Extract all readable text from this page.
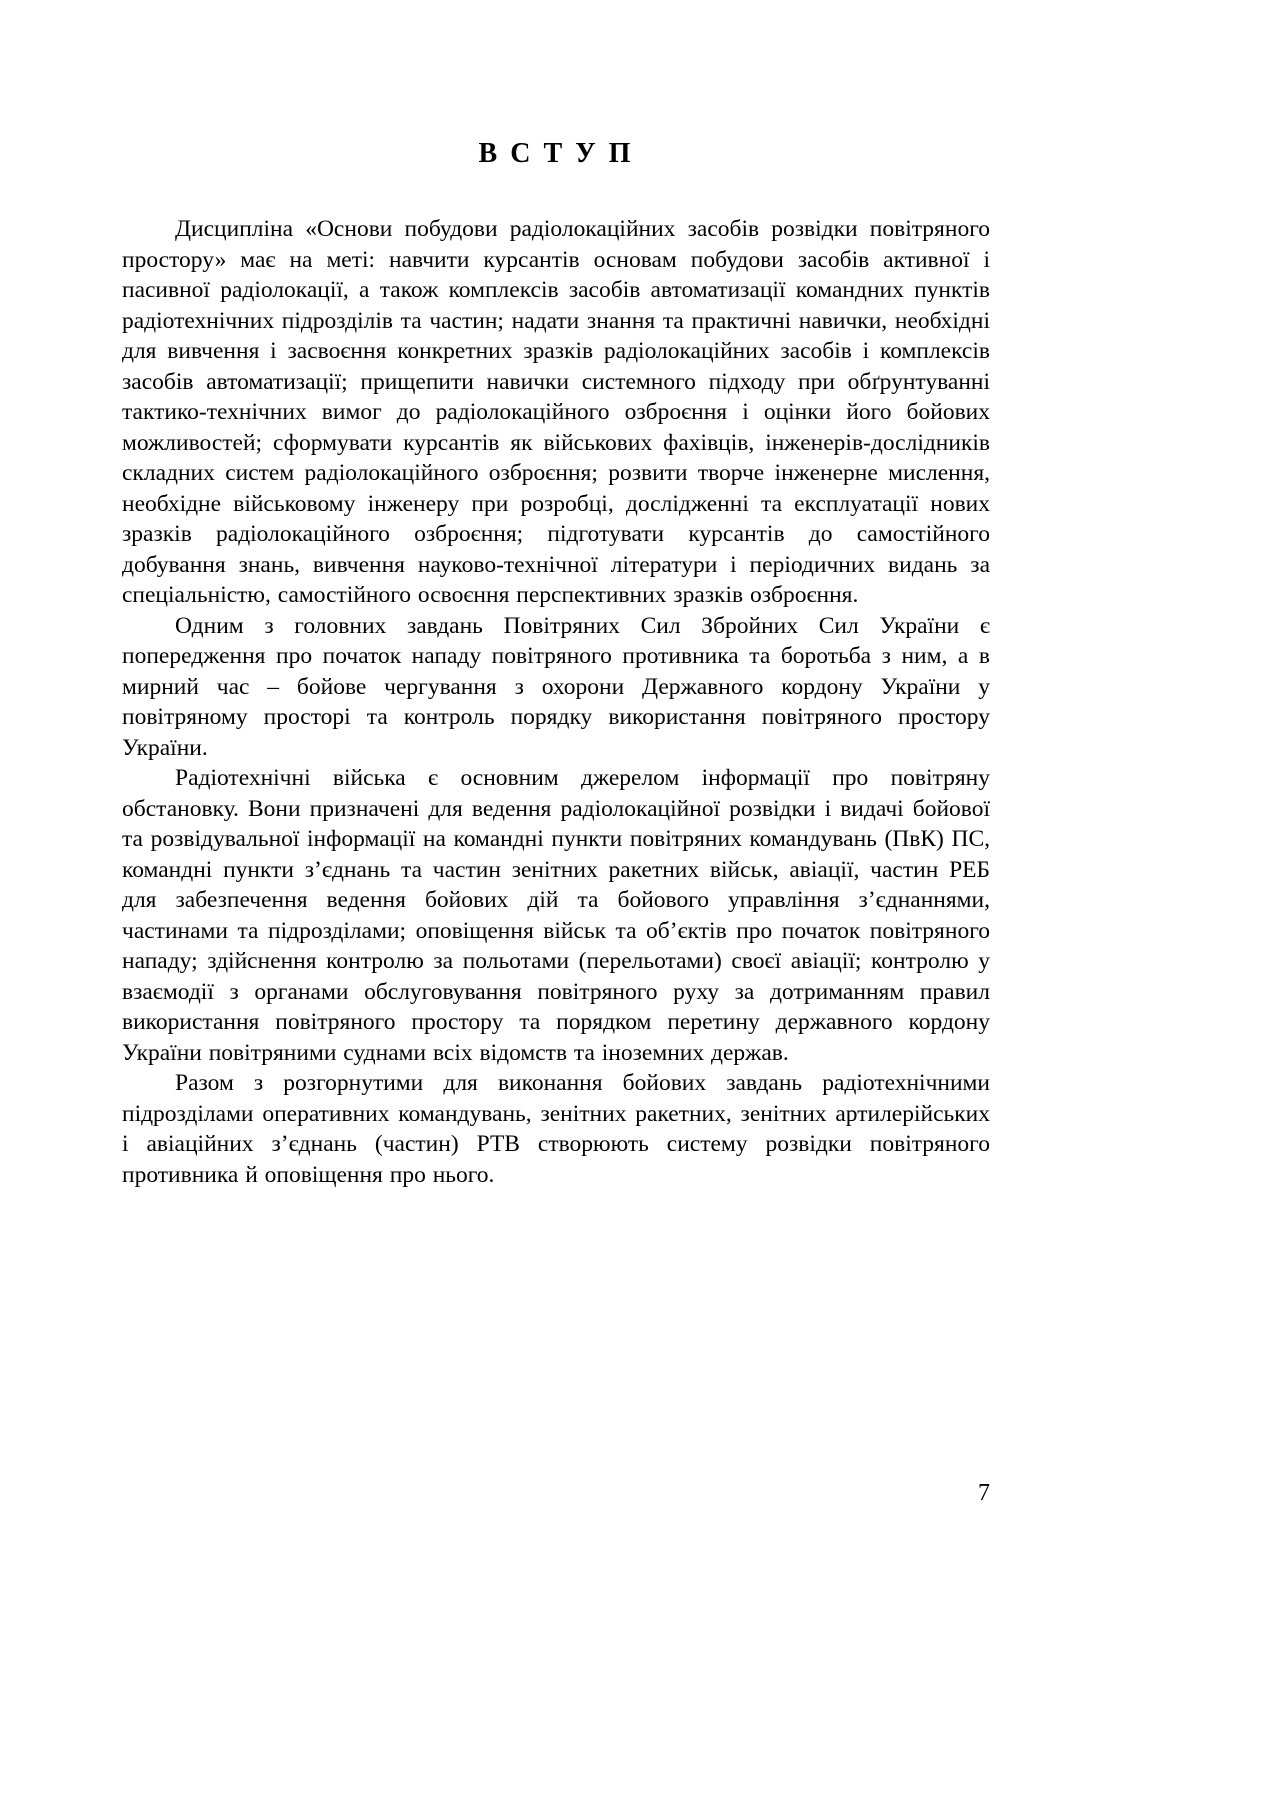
В С Т У П

Дисципліна «Основи побудови радіолокаційних засобів розвідки повітряного простору» має на меті: навчити курсантів основам побудови засобів активної і пасивної радіолокації, а також комплексів засобів автоматизації командних пунктів радіотехнічних підрозділів та частин; надати знання та практичні навички, необхідні для вивчення і засвоєння конкретних зразків радіолокаційних засобів і комплексів засобів автоматизації; прищепити навички системного підходу при обґрунтуванні тактико-технічних вимог до радіолокаційного озброєння і оцінки його бойових можливостей; сформувати курсантів як військових фахівців, інженерів-дослідників складних систем радіолокаційного озброєння; розвити творче інженерне мислення, необхідне військовому інженеру при розробці, дослідженні та експлуатації нових зразків радіолокаційного озброєння; підготувати курсантів до самостійного добування знань, вивчення науково-технічної літератури і періодичних видань за спеціальністю, самостійного освоєння перспективних зразків озброєння.

Одним з головних завдань Повітряних Сил Збройних Сил України є попередження про початок нападу повітряного противника та боротьба з ним, а в мирний час – бойове чергування з охорони Державного кордону України у повітряному просторі та контроль порядку використання повітряного простору України.

Радіотехнічні війська є основним джерелом інформації про повітряну обстановку. Вони призначені для ведення радіолокаційної розвідки і видачі бойової та розвідувальної інформації на командні пункти повітряних командувань (ПвК) ПС, командні пункти з’єднань та частин зенітних ракетних військ, авіації, частин РЕБ для забезпечення ведення бойових дій та бойового управління з’єднаннями, частинами та підрозділами; оповіщення військ та об’єктів про початок повітряного нападу; здійснення контролю за польотами (перельотами) своєї авіації; контролю у взаємодії з органами обслуговування повітряного руху за дотриманням правил використання повітряного простору та порядком перетину державного кордону України повітряними суднами всіх відомств та іноземних держав.

Разом з розгорнутими для виконання бойових завдань радіотехнічними підрозділами оперативних командувань, зенітних ракетних, зенітних артилерійських і авіаційних з’єднань (частин) РТВ створюють систему розвідки повітряного противника й оповіщення про нього.

7
